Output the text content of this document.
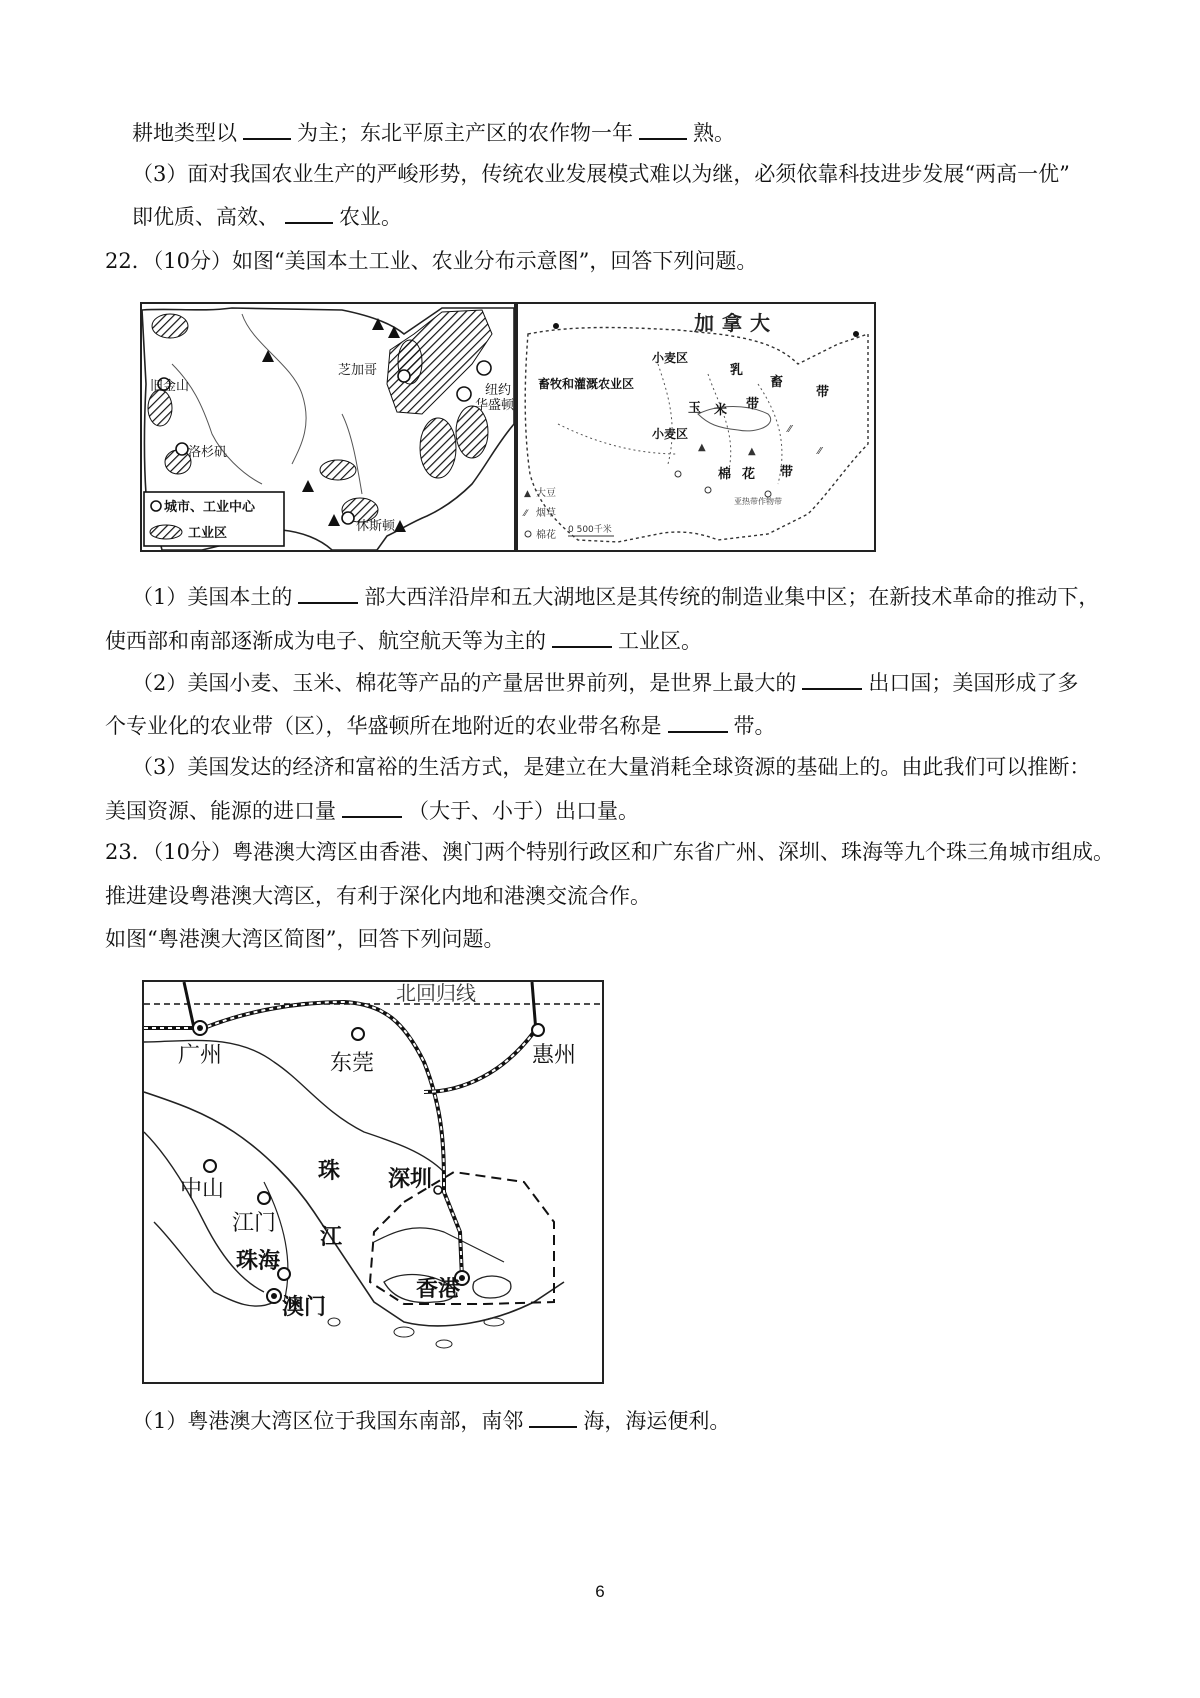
耕地类型以	为主；东北平原主产区的农作物一年	熟。
（3）面对我国农业生产的严峻形势，传统农业发展模式难以为继，必须依靠科技进步发展“两高一优”
即优质、高效、	农业。
22．（10分）如图“美国本土工业、农业分布示意图”，回答下列问题。
旧金山
洛杉矶
芝加哥
纽约
华盛顿
休斯顿
城市、工业中心
工业区
加拿大
小麦区
乳
畜
带
畜牧和灌溉农业区
玉 米 带
小麦区
棉 花 带
亚热带作物带
▲	▲
⁄⁄
⁄⁄
▲ 大豆
⁄⁄ 烟草
棉花 0 500千米
（1）美国本土的	部大西洋沿岸和五大湖地区是其传统的制造业集中区；在新技术革命的推动下，
使西部和南部逐渐成为电子、航空航天等为主的	工业区。
（2）美国小麦、玉米、棉花等产品的产量居世界前列，是世界上最大的	出口国；美国形成了多
个专业化的农业带（区），华盛顿所在地附近的农业带名称是	带。
（3）美国发达的经济和富裕的生活方式，是建立在大量消耗全球资源的基础上的。由此我们可以推断：
美国资源、能源的进口量	（大于、小于）出口量。
23．（10分）粤港澳大湾区由香港、澳门两个特别行政区和广东省广州、深圳、珠海等九个珠三角城市组成。
推进建设粤港澳大湾区，有利于深化内地和港澳交流合作。
如图“粤港澳大湾区简图”，回答下列问题。
北回归线
广州	东莞	惠州
深圳
中山
江门
珠海
澳门
香港
珠
江
（1）粤港澳大湾区位于我国东南部，南邻	海，海运便利。
6
